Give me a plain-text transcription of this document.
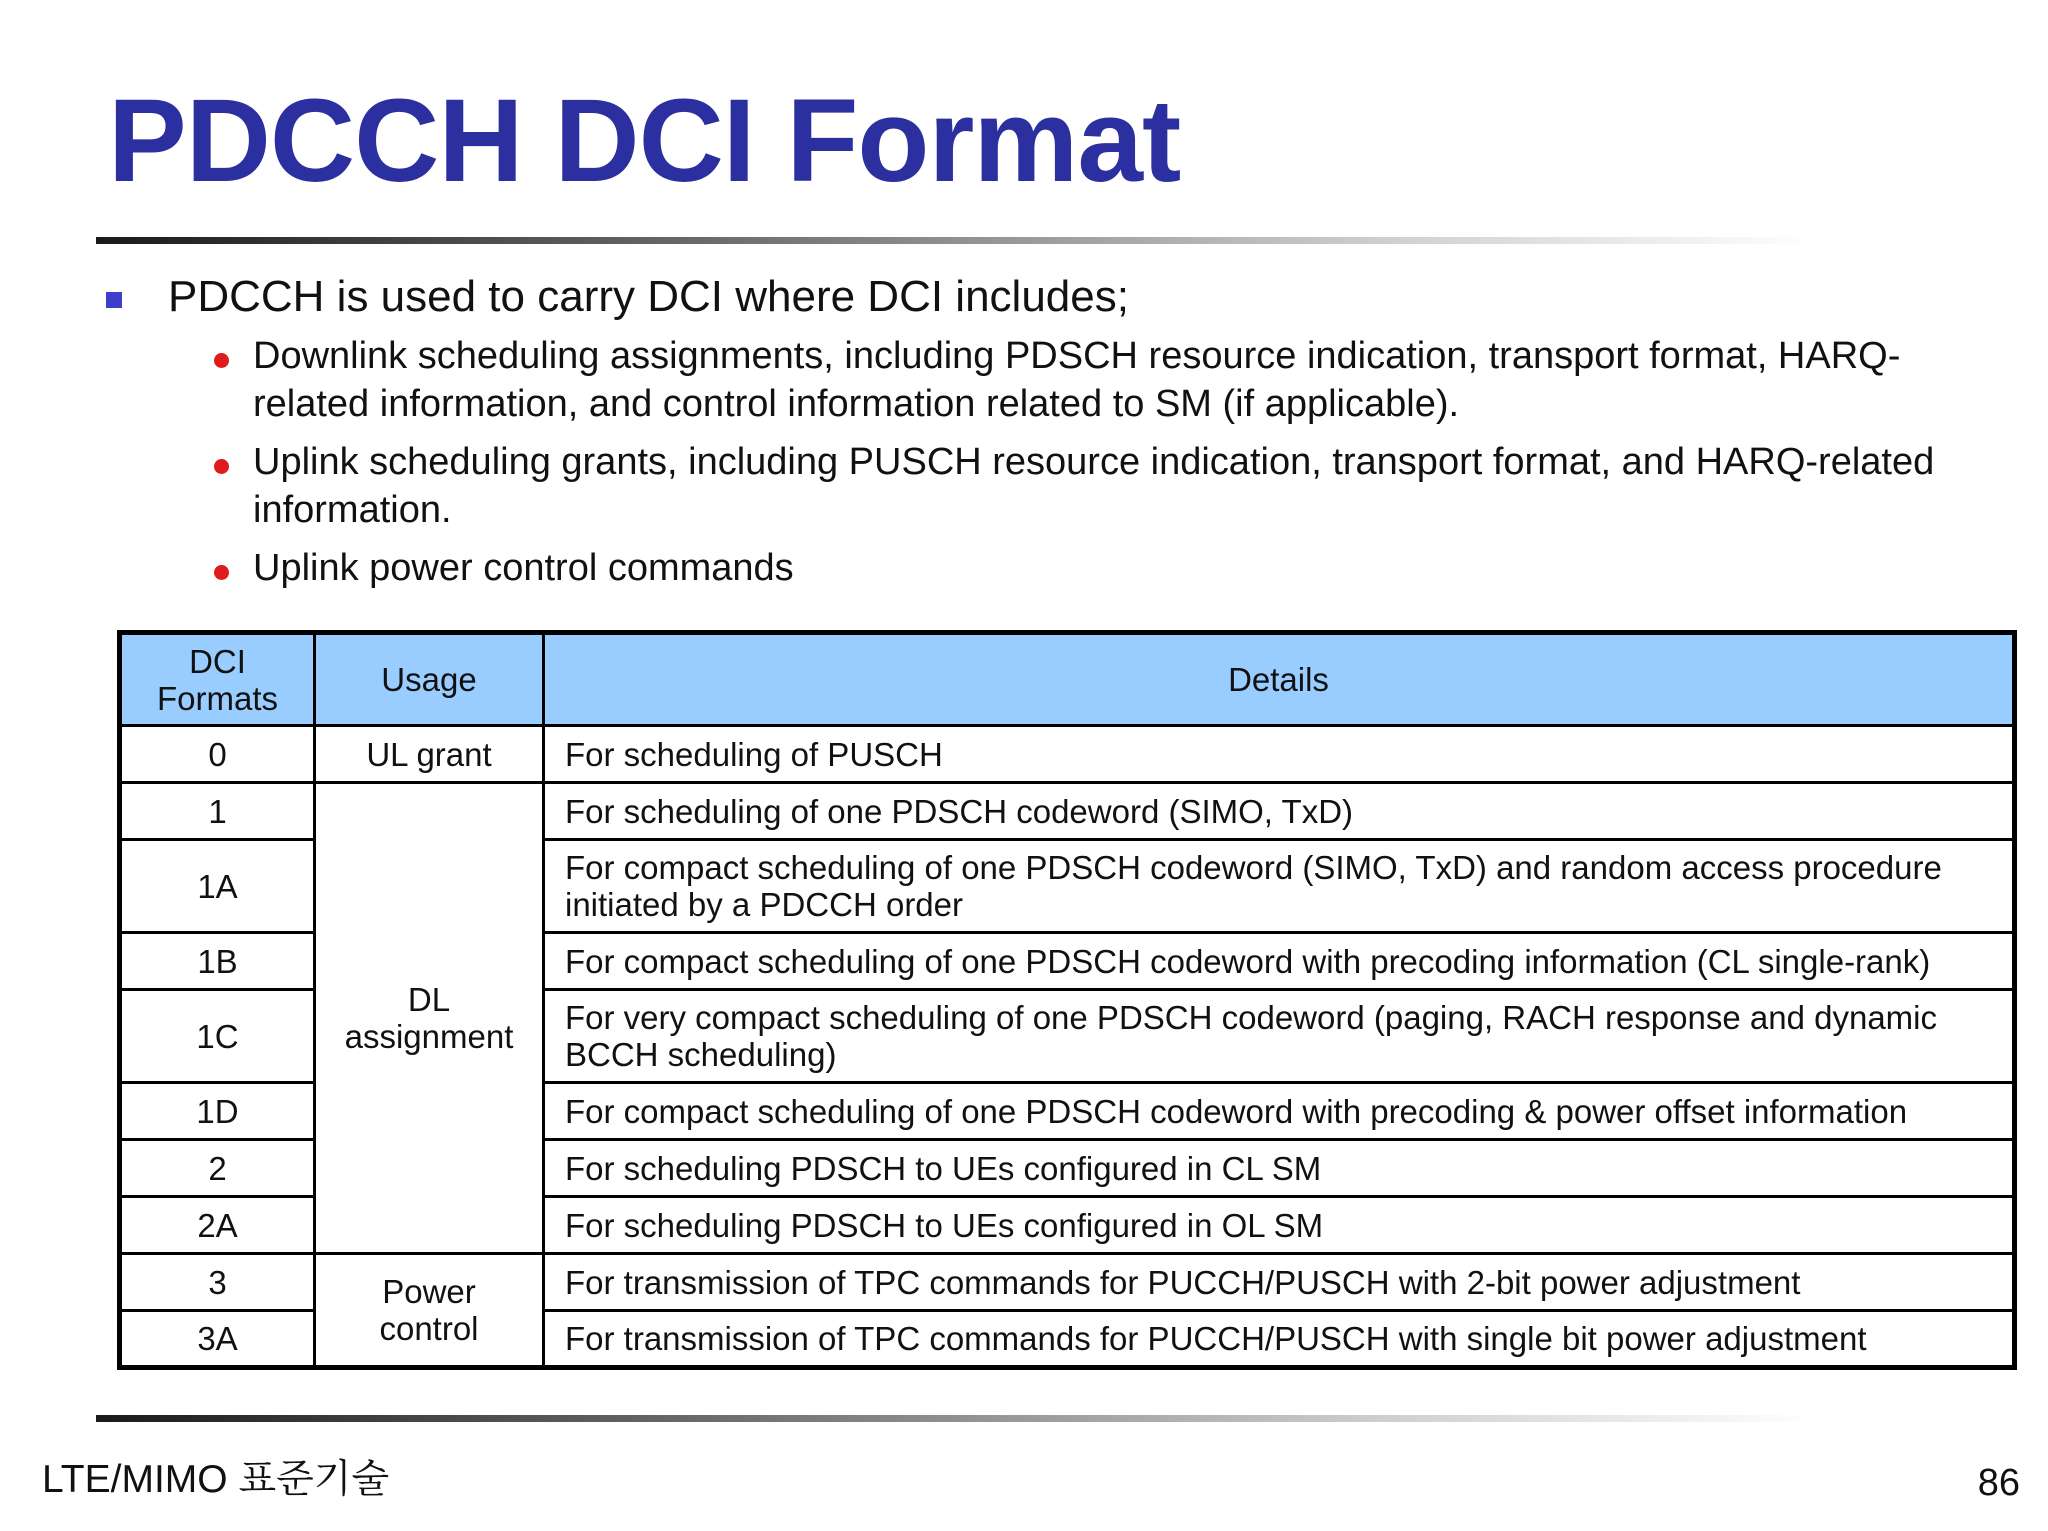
PDCCH DCI Format
PDCCH is used to carry DCI where DCI includes;
Downlink scheduling assignments, including PDSCH resource indication, transport format, HARQ-related information, and control information related to SM (if applicable).
Uplink scheduling grants, including PUSCH resource indication, transport format, and HARQ-related information.
Uplink power control commands
DCI Formats	Usage	Details
0	UL grant	For scheduling of PUSCH
1	DL assignment	For scheduling of one PDSCH codeword (SIMO, TxD)
1A		For compact scheduling of one PDSCH codeword (SIMO, TxD) and random access procedure initiated by a PDCCH order
1B		For compact scheduling of one PDSCH codeword with precoding information (CL single-rank)
1C		For very compact scheduling of one PDSCH codeword (paging, RACH response and dynamic BCCH scheduling)
1D		For compact scheduling of one PDSCH codeword with precoding & power offset information
2		For scheduling PDSCH to UEs configured in CL SM
2A		For scheduling PDSCH to UEs configured in OL SM
3	Power control	For transmission of TPC commands for PUCCH/PUSCH with 2-bit power adjustment
3A		For transmission of TPC commands for PUCCH/PUSCH with single bit power adjustment
LTE/MIMO 표준기술	86
